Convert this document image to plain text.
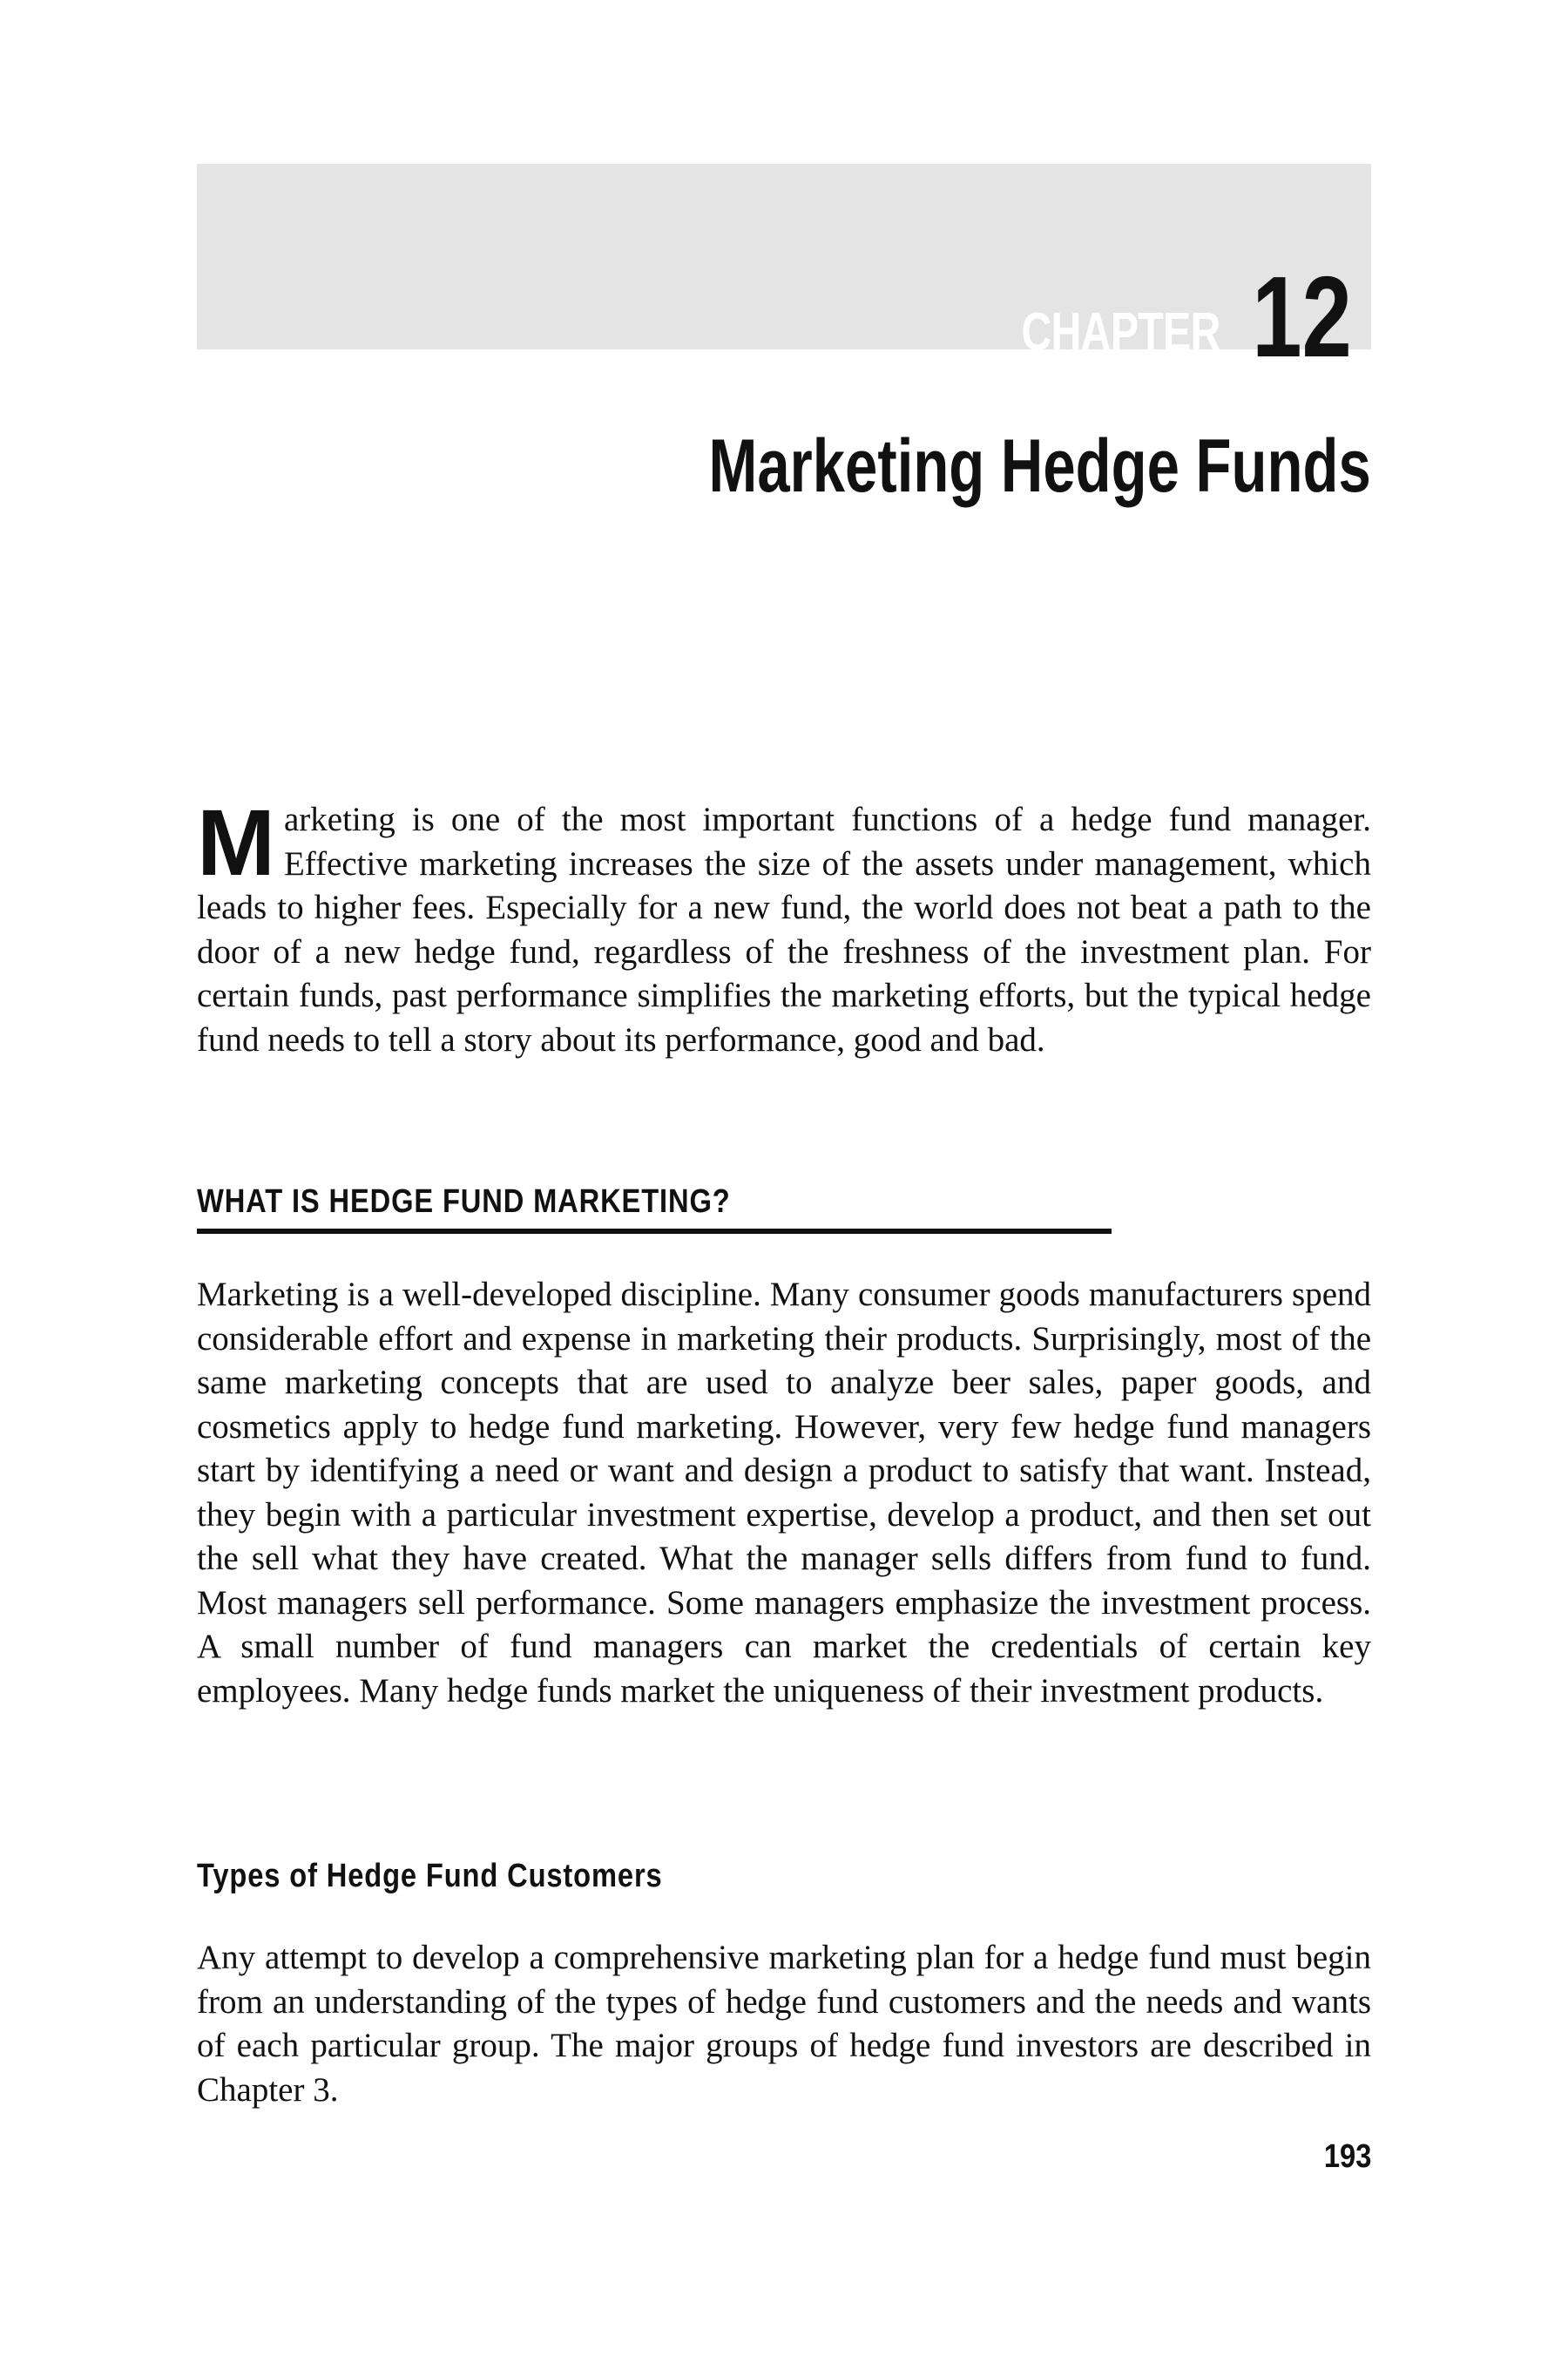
CHAPTER 12
Marketing Hedge Funds

Marketing is one of the most important functions of a hedge fund manager. Effective marketing increases the size of the assets under management, which leads to higher fees. Especially for a new fund, the world does not beat a path to the door of a new hedge fund, regardless of the freshness of the investment plan. For certain funds, past performance simplifies the marketing efforts, but the typical hedge fund needs to tell a story about its performance, good and bad.

WHAT IS HEDGE FUND MARKETING?

Marketing is a well-developed discipline. Many consumer goods manufacturers spend considerable effort and expense in marketing their products. Surprisingly, most of the same marketing concepts that are used to analyze beer sales, paper goods, and cosmetics apply to hedge fund marketing. However, very few hedge fund managers start by identifying a need or want and design a product to satisfy that want. Instead, they begin with a particular investment expertise, develop a product, and then set out the sell what they have created. What the manager sells differs from fund to fund. Most managers sell performance. Some managers emphasize the investment process. A small number of fund managers can market the credentials of certain key employees. Many hedge funds market the uniqueness of their investment products.

Types of Hedge Fund Customers

Any attempt to develop a comprehensive marketing plan for a hedge fund must begin from an understanding of the types of hedge fund customers and the needs and wants of each particular group. The major groups of hedge fund investors are described in Chapter 3.

193
